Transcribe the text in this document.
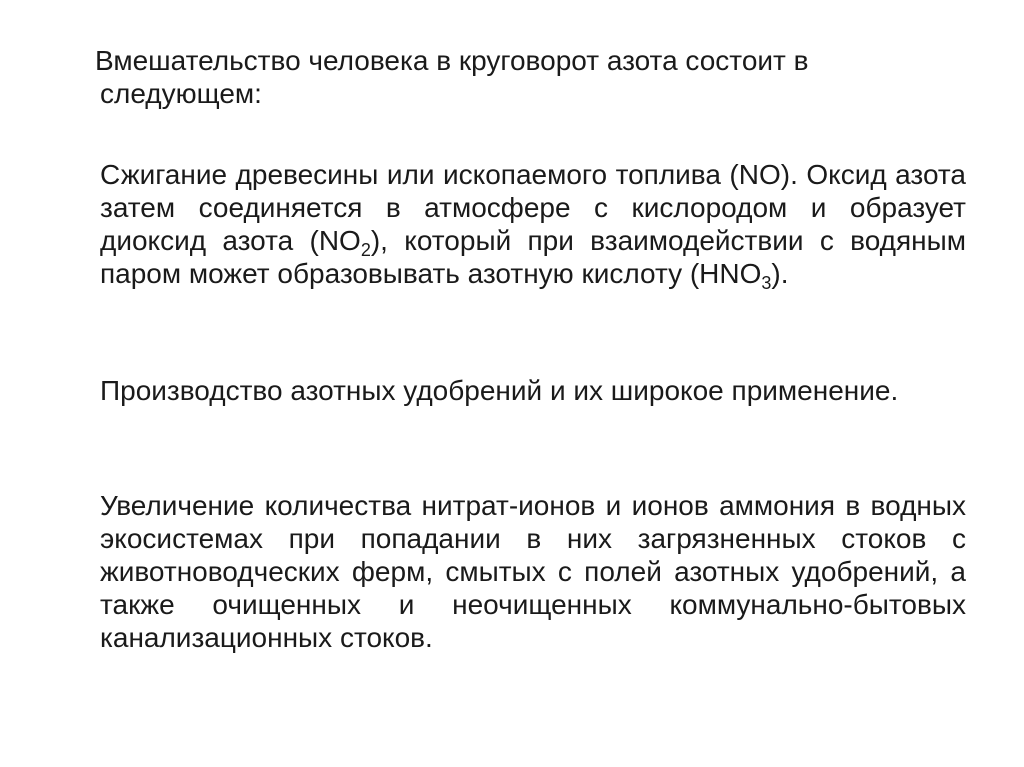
Вмешательство человека в круговорот азота состоит в следующем:

Сжигание древесины или ископаемого топлива (NO). Оксид азота затем соединяется в атмосфере с кислородом и образует диоксид азота $(NO_2)$, который при взаимодействии с водяным паром может образовывать азотную кислоту $(HNO_3)$.

Производство азотных удобрений и их широкое применение.

Увеличение количества нитрат-ионов и ионов аммония в водных экосистемах при попадании в них загрязненных стоков с животноводческих ферм, смытых с полей азотных удобрений, а также очищенных и неочищенных коммунально-бытовых канализационных стоков.
